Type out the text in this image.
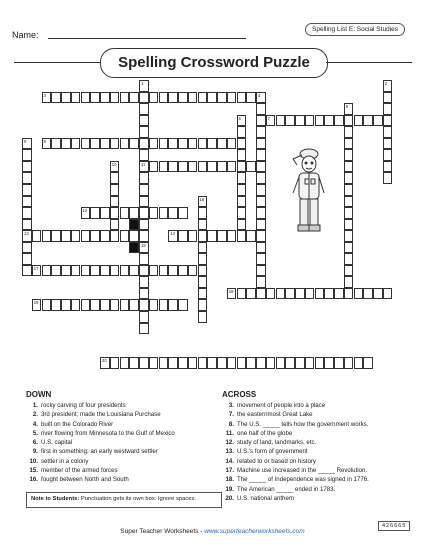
Name:
Spelling List E: Social Studies
Spelling Crossword Puzzle
1
11
15
2
3	4
5
6	7
8
9
13
10
12
14
16
17
18
19
20
DOWN
1. rocky carving of four presidents
2. 3rd president; made the Louisiana Purchase
4. built on the Colorado River
5. river flowing from Minnesota to the Gulf of Mexico
6. U.S. capital
9. first in something; an early westward settler
10. settler in a colony
15. member of the armed forces
16. fought between North and South
ACROSS
3. movement of people into a place
7. the easternmost Great Lake
8. The U.S. _____ tells how the government works.
11. one half of the globe
12. study of land, landmarks, etc.
13. U.S.'s form of government
14. related to or based on history
17. Machine use increased in the _____ Revolution.
18. The _____ of Independence was signed in 1776.
19. The American _____ ended in 1783.
20. U.S. national anthem
Note to Students: Punctuation gets its own box. Ignore spaces.
Super Teacher Worksheets - www.superteacherworksheets.com
426665
